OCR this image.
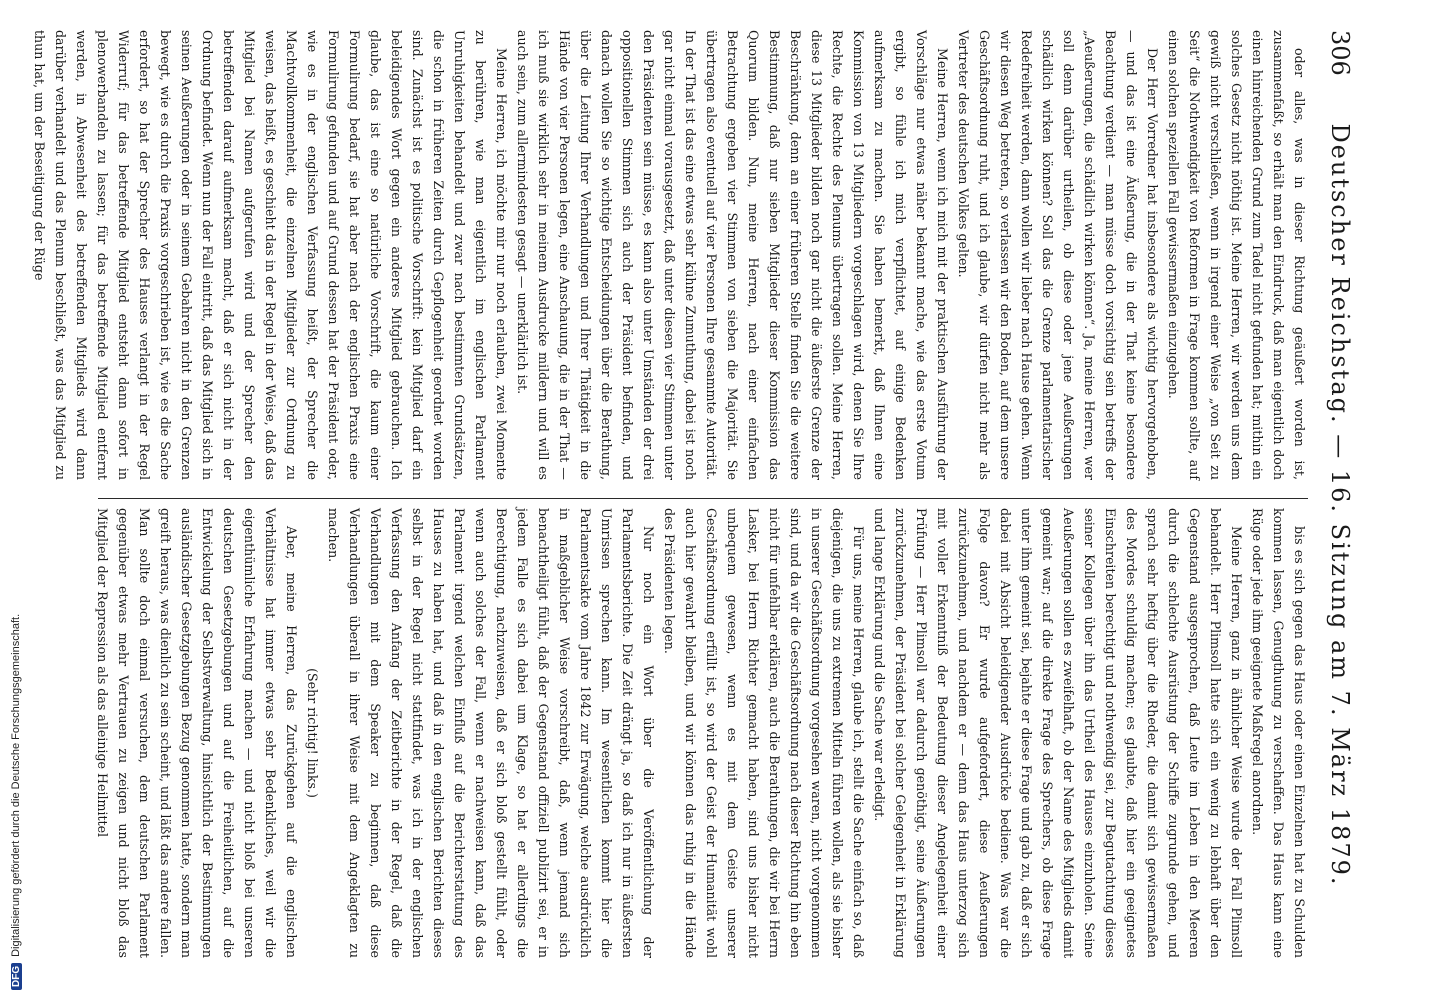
306
Deutscher Reichstag. — 16. Sitzung am 7. März 1879.

oder alles, was in dieser Richtung geäußert worden ist, zusammenfaßt, so erhält man den Eindruck, daß man eigentlich doch einen hinreichenden Grund zum Tadel nicht gefunden hat; mithin ein solches Gesetz nicht nöthig ist. Meine Herren, wir werden uns dem gewiß nicht verschließen, wenn in irgend einer Weise „von Seit zu Seit“ die Nothwendigkeit von Reformen in Frage kommen sollte, auf einen solchen speziellen Fall gewissermaßen einzugehen.

Der Herr Vorredner hat insbesondere als wichtig hervorgehoben, — und das ist eine Äußerung, die in der That keine besondere Beachtung verdient — man müsse doch vorsichtig sein betreffs der „Aeußerungen, die schädlich wirken können“. Ja, meine Herren, wer soll denn darüber urtheilen, ob diese oder jene Aeußerungen schädlich wirken können? Soll das die Grenze parlamentarischer Redefreiheit werden, dann wollen wir lieber nach Hause gehen. Wenn wir diesen Weg betreten, so verlassen wir den Boden, auf dem unsere Geschäftsordnung ruht, und ich glaube, wir dürfen nicht mehr als Vertreter des deutschen Volkes gelten.

Meine Herren, wenn ich mich mit der praktischen Ausführung der Vorschläge nur etwas näher bekannt mache, wie das erste Votum ergibt, so fühle ich mich verpflichtet, auf einige Bedenken aufmerksam zu machen. Sie haben bemerkt, daß Ihnen eine Kommission von 13 Mitgliedern vorgeschlagen wird, denen Sie Ihre Rechte, die Rechte des Plenums übertragen sollen. Meine Herren, diese 13 Mitglieder bilden noch gar nicht die äußerste Grenze der Beschränkung, denn an einer früheren Stelle finden Sie die weitere Bestimmung, daß nur sieben Mitglieder dieser Kommission das Quorum bilden. Nun, meine Herren, nach einer einfachen Betrachtung ergeben vier Stimmen von sieben die Majorität. Sie übertragen also eventuell auf vier Personen Ihre gesammte Autorität. In der That ist das eine etwas sehr kühne Zumuthung, dabei ist noch gar nicht einmal vorausgesetzt, daß unter diesen vier Stimmen unter den Präsidenten sein müsse, es kann also unter Umständen der drei oppositionellen Stimmen sich auch der Präsident befinden, und danach wollen Sie so wichtige Entscheidungen über die Berathung, über die Leitung Ihrer Verhandlungen und Ihrer Thätigkeit in die Hände von vier Personen legen, eine Anschauung, die in der That — ich muß sie wirklich sehr in meinem Ausdrucke mildern und will es auch sein, zum allermindesten gesagt — unerklärlich ist.

Meine Herren, ich möchte mir nur noch erlauben, zwei Momente zu berühren, wie man eigentlich im englischen Parlament Unruhigkeiten behandelt und zwar nach bestimmten Grundsätzen, die schon in früheren Zeiten durch Gepflogenheit geordnet worden sind. Zunächst ist es politische Vorschrift: kein Mitglied darf ein beleidigendes Wort gegen ein anderes Mitglied gebrauchen. Ich glaube, das ist eine so natürliche Vorschrift, die kaum einer Formulirung bedarf, sie hat aber nach der englischen Praxis eine Formulirung gefunden und auf Grund dessen hat der Präsident oder, wie es in der englischen Verfassung heißt, der Sprecher die Machtvollkommenheit, die einzelnen Mitglieder zur Ordnung zu weisen, das heißt, es geschieht das in der Regel in der Weise, daß das Mitglied bei Namen aufgerufen wird und der Sprecher den betreffenden darauf aufmerksam macht, daß er sich nicht in der Ordnung befindet. Wenn nun der Fall eintritt, daß das Mitglied sich in seinen Aeußerungen oder in seinem Gebahren nicht in den Grenzen bewegt, wie es durch die Praxis vorgeschrieben ist, wie es die Sache erfordert, so hat der Sprecher des Hauses verlangt in der Regel Widerruf; für das betreffende Mitglied entsteht dann sofort in plenowerbandeln zu lassen; für das betreffende Mitglied entfernt werden, in Abwesenheit des betreffenden Mitglieds wird dann darüber verhandelt und das Plenum beschließt, was das Mitglied zu thun hat, um der Beseitigung der Rüge

bis es sich gegen das Haus oder einen Einzelnen hat zu Schulden kommen lassen, Genugthuung zu verschaffen. Das Haus kann eine Rüge oder jede ihm geeignete Maßregel anordnen.

Meine Herren, ganz in ähnlicher Weise wurde der Fall Plimsoll behandelt. Herr Plimsoll hatte sich ein wenig zu lebhaft über den Gegenstand ausgesprochen, daß Leute im Leben in den Meeren durch die schlechte Ausrüstung der Schiffe zugrunde gehen, und sprach sehr heftig über die Rheder, die damit sich gewissermaßen des Mordes schuldig machen; es glaubte, daß hier ein geeignetes Einschreiten berechtigt und nothwendig sei, zur Begutachtung dieses seiner Kollegen über ihn das Urtheil des Hauses einzuholen. Seine Aeußerungen sollen es zweifelhaft, ob der Name des Mitglieds damit gemeint war; auf die direkte Frage des Sprechers, ob diese Frage unter ihm gemeint sei, bejahte er diese Frage und gab zu, daß er sich dabei mit Absicht beleidigender Ausdrücke bediene. Was war die Folge davon? Er wurde aufgefordert, diese Aeußerungen zurückzunehmen, und nachdem er — denn das Haus unterzog sich mit voller Erkenntniß der Bedeutung dieser Angelegenheit einer Prüfung — Herr Plimsoll war dadurch genöthigt, seine Äußerungen zurückzunehmen, der Präsident bei solcher Gelegenheit in Erklärung und lange Erklärung und die Sache war erledigt.

Für uns, meine Herren, glaube ich, stellt die Sache einfach so, daß diejenigen, die uns zu extremen Mitteln führen wollen, als sie bisher in unserer Geschäftsordnung vorgesehen waren, nicht vorgenommen sind, und da wir die Geschäftsordnung nach dieser Richtung hin eben nicht für unfehlbar erklären, auch die Berathungen, die wir bei Herrn Lasker, bei Herrn Richter gemacht haben, sind uns bisher nicht unbequem gewesen, wenn es mit dem Geiste unserer Geschäftsordnung erfüllt ist, so wird der Geist der Humanität wohl auch hier gewahrt bleiben, und wir können das ruhig in die Hände des Präsidenten legen.

Nur noch ein Wort über die Veröffentlichung der Parlamentsberichte. Die Zeit drängt ja, so daß ich nur in äußersten Umrissen sprechen kann. Im wesentlichen kommt hier die Parlamentsakte vom Jahre 1842 zur Erwägung, welche ausdrücklich in maßgeblicher Weise vorschreibt, daß, wenn jemand sich benachtheiligt fühlt, daß der Gegenstand offiziell publizirt sei, er in jedem Falle es sich dabei um Klage, so hat er allerdings die Berechtigung, nachzuweisen, daß er sich bloß gestellt fühlt, oder wenn auch solches der Fall, wenn er nachweisen kann, daß das Parlament irgend welchen Einfluß auf die Berichterstattung des Hauses zu haben hat, und daß in den englischen Berichten dieses selbst in der Regel nicht stattfindet, was ich in der englischen Verfassung den Anfang der Zeitberichte in der Regel, daß die Verhandlungen mit dem Speaker zu beginnen, daß diese Verhandlungen überall in ihrer Weise mit dem Angeklagten zu machen.

(Sehr richtig! links.)

Aber, meine Herren, das Zurückgehen auf die englischen Verhältnisse hat immer etwas sehr Bedenkliches, weil wir die eigenthümliche Erfahrung machen — und nicht bloß bei unseren deutschen Gesetzgebungen und auf die Freiheitlichen, auf die Entwickelung der Selbstverwaltung, hinsichtlich der Bestimmungen ausländischer Gesetzgebungen Bezug genommen hatte, sondern man greift heraus, was dienlich zu sein scheint, und läßt das andere fallen. Man sollte doch einmal versuchen, dem deutschen Parlament gegenüber etwas mehr Vertrauen zu zeigen und nicht bloß das Mitglied der Repression als das alleinige Heilmittel

DFGDigitalisierung gefördert durch die Deutsche Forschungsgemeinschaft.
